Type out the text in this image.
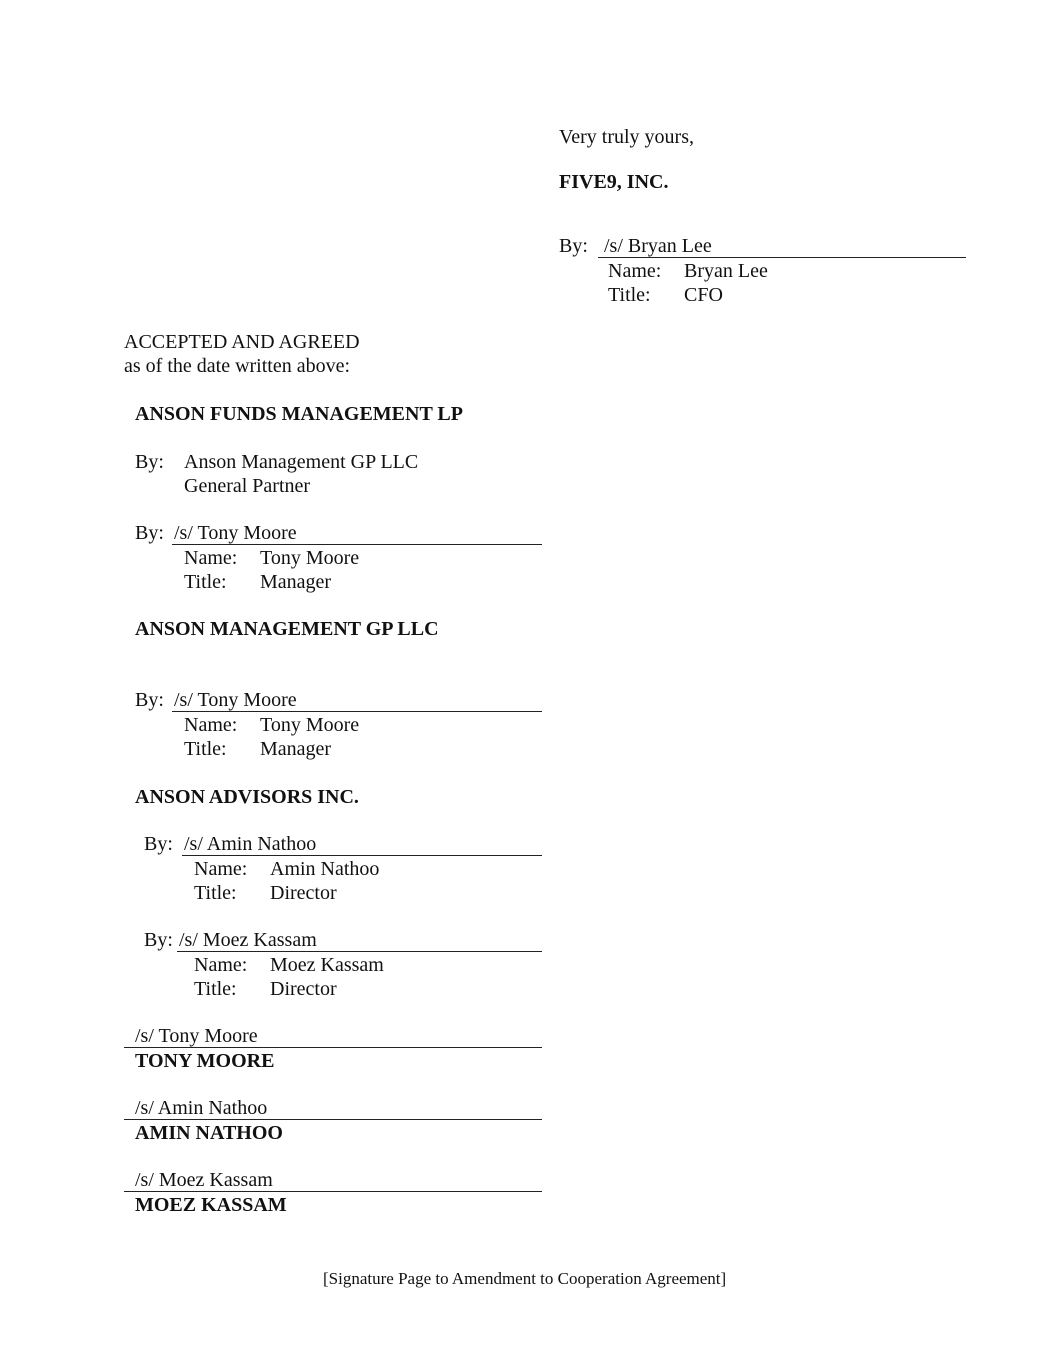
Very truly yours,
FIVE9, INC.
By: /s/ Bryan Lee
Name: Bryan Lee
Title: CFO
ACCEPTED AND AGREED
as of the date written above:
ANSON FUNDS MANAGEMENT LP
By: Anson Management GP LLC
General Partner
By: /s/ Tony Moore
Name: Tony Moore
Title: Manager
ANSON MANAGEMENT GP LLC
By: /s/ Tony Moore
Name: Tony Moore
Title: Manager
ANSON ADVISORS INC.
By: /s/ Amin Nathoo
Name: Amin Nathoo
Title: Director
By: /s/ Moez Kassam
Name: Moez Kassam
Title: Director
/s/ Tony Moore
TONY MOORE
/s/ Amin Nathoo
AMIN NATHOO
/s/ Moez Kassam
MOEZ KASSAM
[Signature Page to Amendment to Cooperation Agreement]
